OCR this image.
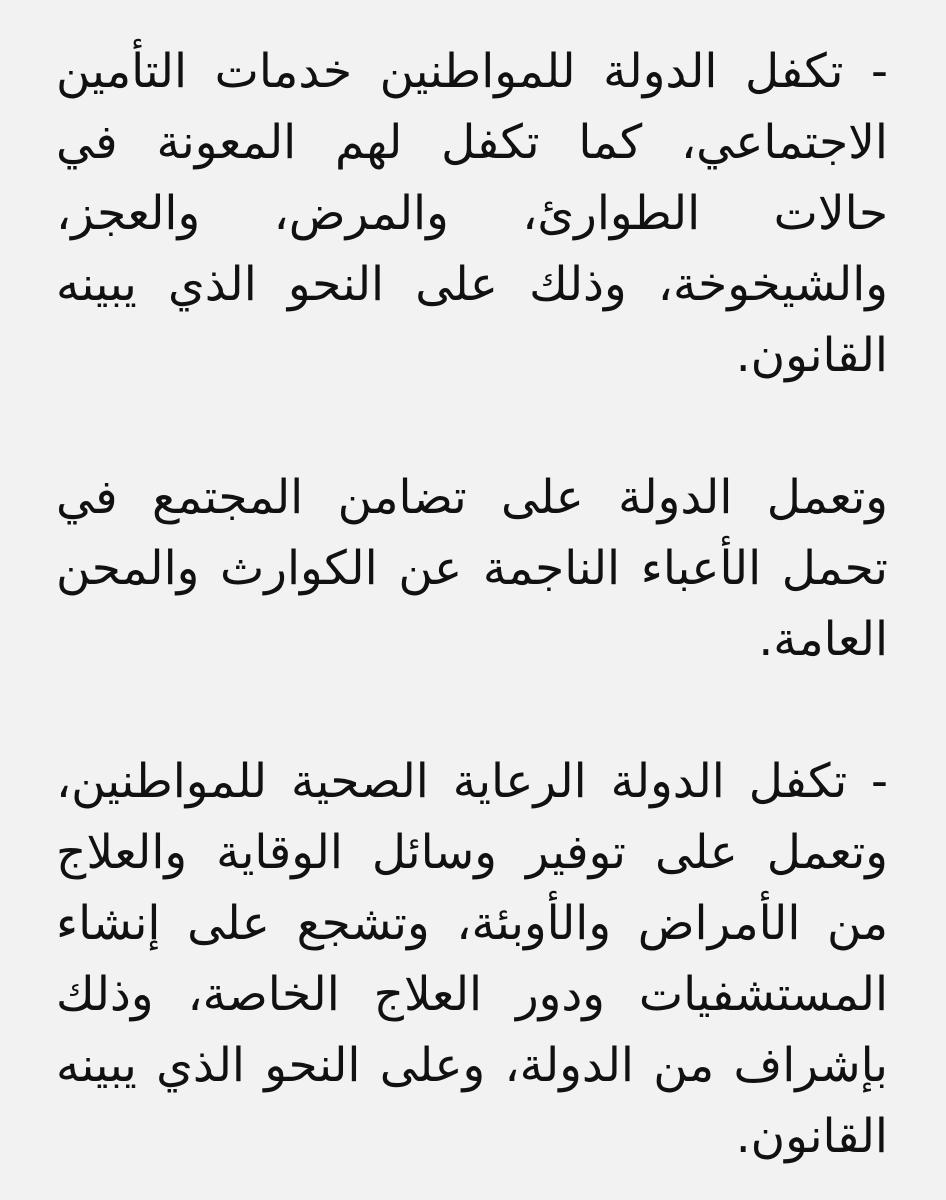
- تكفل الدولة للمواطنين خدمات التأمين الاجتماعي، كما تكفل لهم المعونة في حالات الطوارئ، والمرض، والعجز، والشيخوخة، وذلك على النحو الذي يبينه القانون.

وتعمل الدولة على تضامن المجتمع في تحمل الأعباء الناجمة عن الكوارث والمحن العامة.

- تكفل الدولة الرعاية الصحية للمواطنين، وتعمل على توفير وسائل الوقاية والعلاج من الأمراض والأوبئة، وتشجع على إنشاء المستشفيات ودور العلاج الخاصة، وذلك بإشراف من الدولة، وعلى النحو الذي يبينه القانون.
